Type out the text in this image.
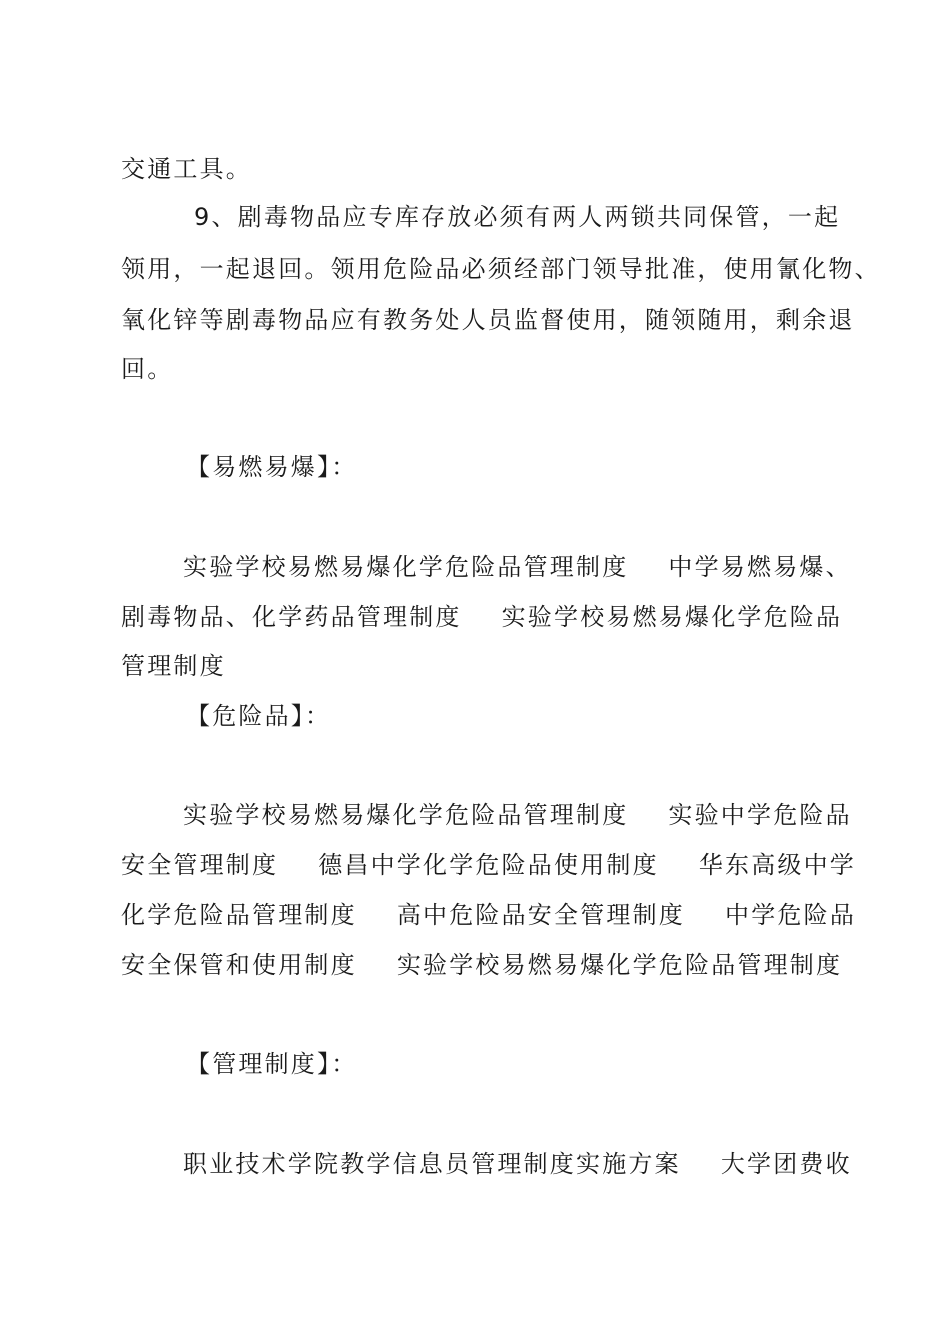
交通工具。
9、剧毒物品应专库存放必须有两人两锁共同保管，一起
领用，一起退回。领用危险品必须经部门领导批准，使用氰化物、
氧化锌等剧毒物品应有教务处人员监督使用，随领随用，剩余退
回。
【易燃易爆】：
实验学校易燃易爆化学危险品管理制度 中学易燃易爆、
剧毒物品、化学药品管理制度 实验学校易燃易爆化学危险品
管理制度
【危险品】：
实验学校易燃易爆化学危险品管理制度 实验中学危险品
安全管理制度 德昌中学化学危险品使用制度 华东高级中学
化学危险品管理制度 高中危险品安全管理制度 中学危险品
安全保管和使用制度 实验学校易燃易爆化学危险品管理制度
【管理制度】：
职业技术学院教学信息员管理制度实施方案 大学团费收
